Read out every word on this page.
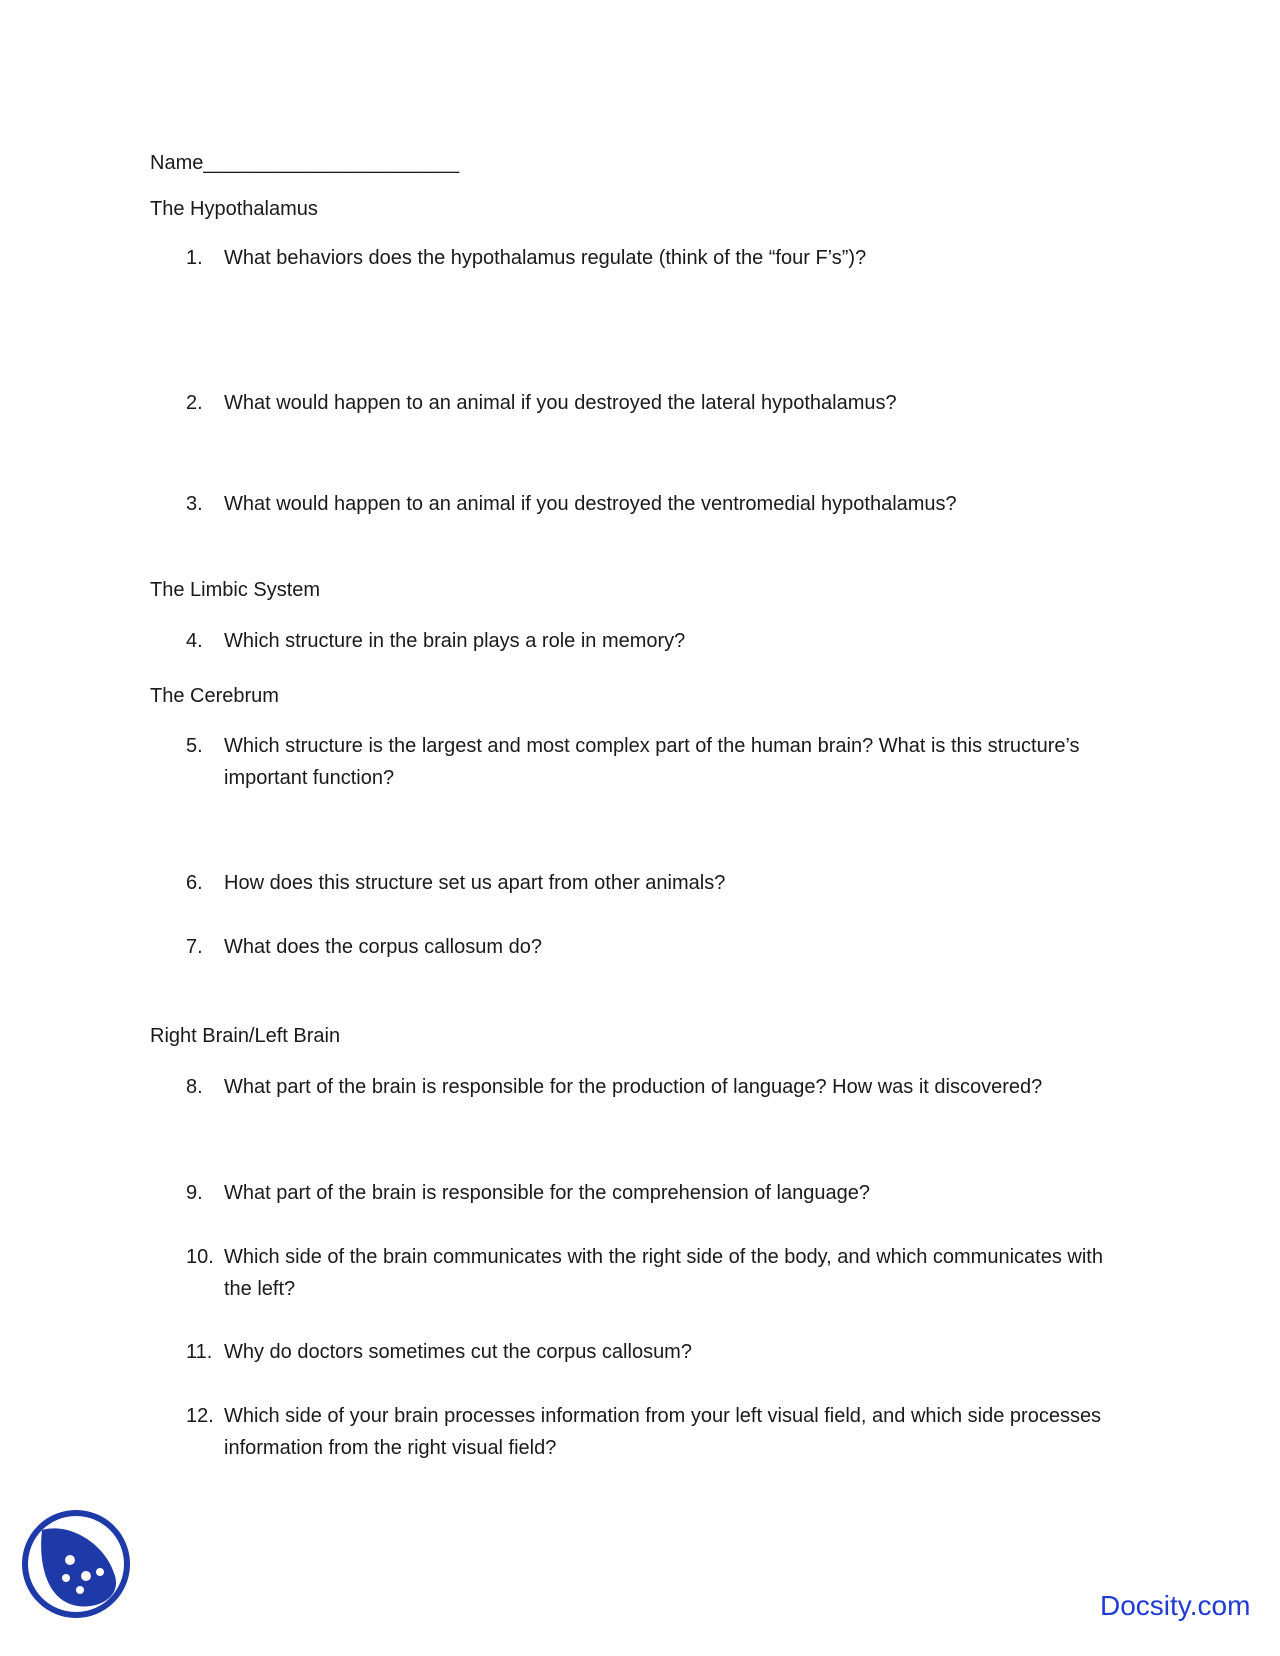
Name_______________________
The Hypothalamus
1. What behaviors does the hypothalamus regulate (think of the “four F’s”)?
2. What would happen to an animal if you destroyed the lateral hypothalamus?
3. What would happen to an animal if you destroyed the ventromedial hypothalamus?
The Limbic System
4. Which structure in the brain plays a role in memory?
The Cerebrum
5. Which structure is the largest and most complex part of the human brain? What is this structure’s important function?
6. How does this structure set us apart from other animals?
7. What does the corpus callosum do?
Right Brain/Left Brain
8. What part of the brain is responsible for the production of language? How was it discovered?
9. What part of the brain is responsible for the comprehension of language?
10. Which side of the brain communicates with the right side of the body, and which communicates with the left?
11. Why do doctors sometimes cut the corpus callosum?
12. Which side of your brain processes information from your left visual field, and which side processes information from the right visual field?
Docsity.com
